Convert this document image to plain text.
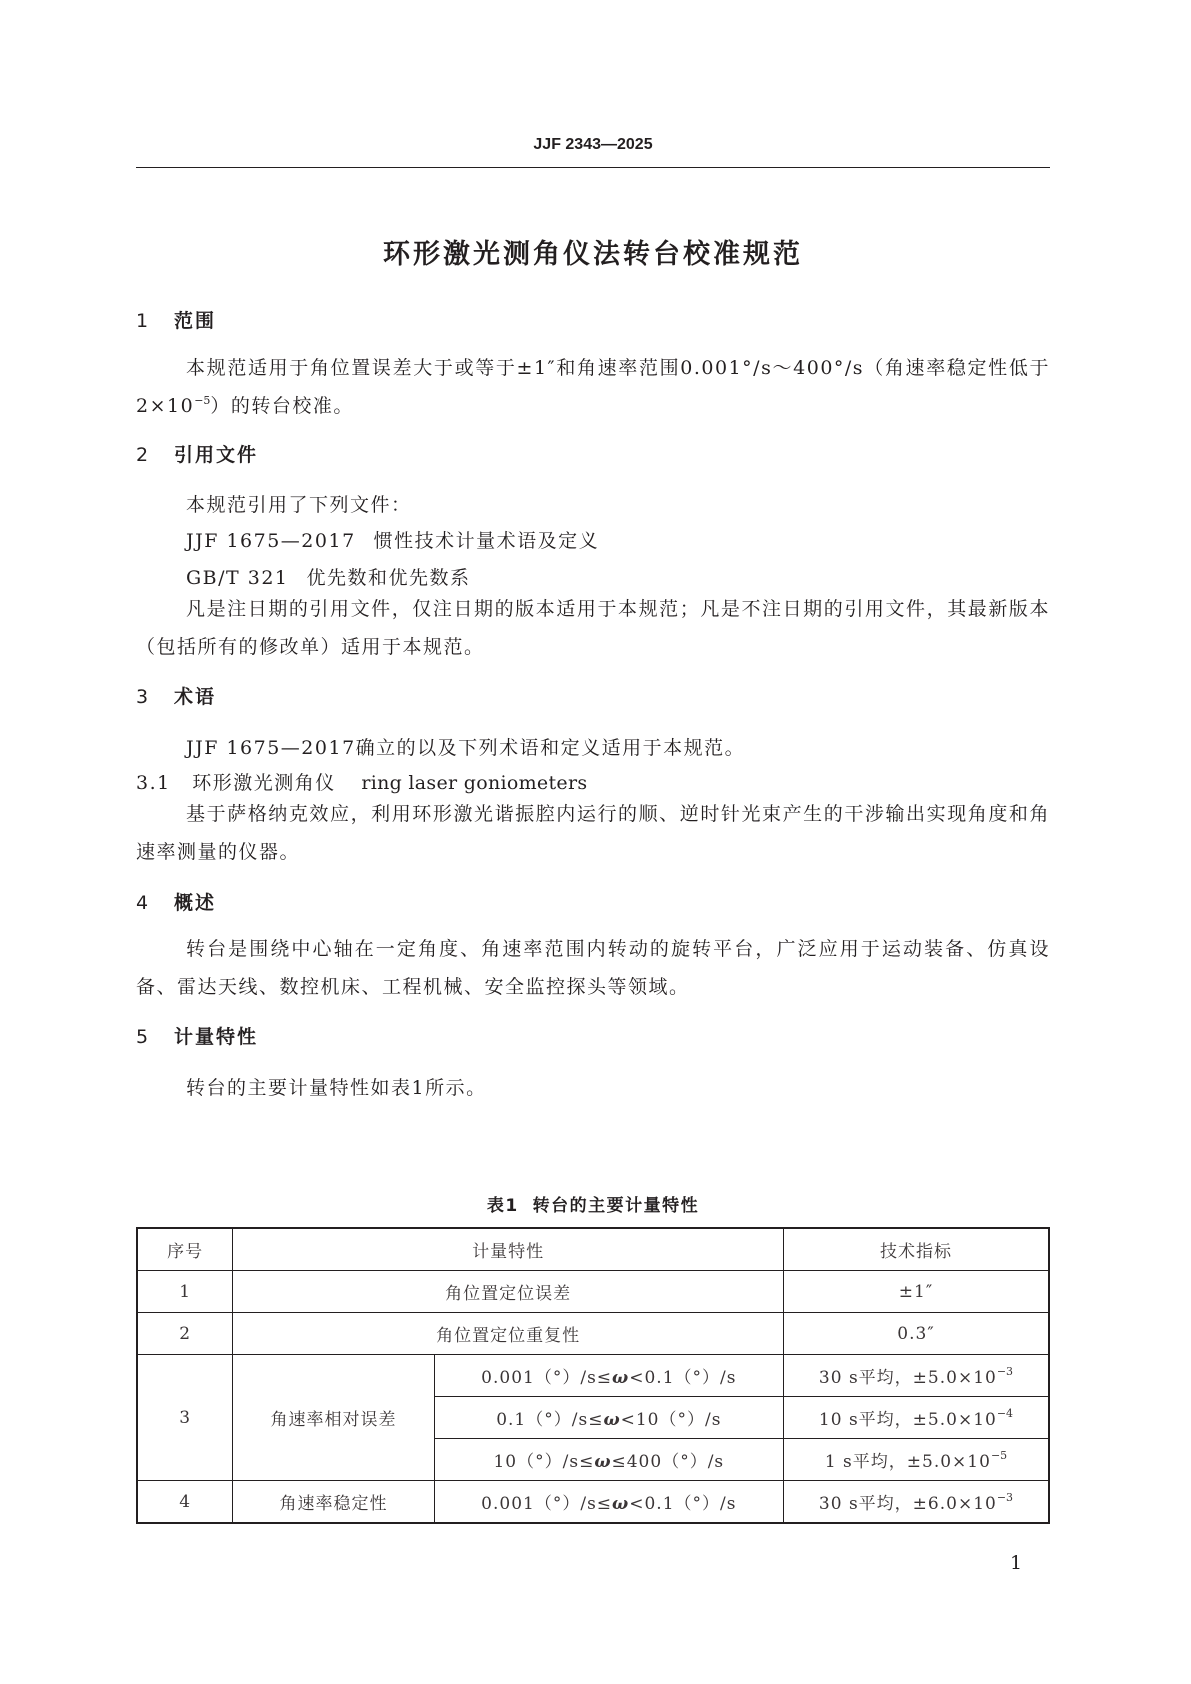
JJF 2343—2025
环形激光测角仪法转台校准规范
1 范围
本规范适用于角位置误差大于或等于±1″和角速率范围0.001°/s～400°/s（角速率稳定性低于$2\times 10^{-5}$）的转台校准。
2 引用文件
本规范引用了下列文件：
JJF 1675—2017 惯性技术计量术语及定义
GB/T 321 优先数和优先数系
凡是注日期的引用文件，仅注日期的版本适用于本规范；凡是不注日期的引用文件，其最新版本（包括所有的修改单）适用于本规范。
3 术语
JJF 1675—2017确立的以及下列术语和定义适用于本规范。
3.1 环形激光测角仪 ring laser goniometers
基于萨格纳克效应，利用环形激光谐振腔内运行的顺、逆时针光束产生的干涉输出实现角度和角速率测量的仪器。
4 概述
转台是围绕中心轴在一定角度、角速率范围内转动的旋转平台，广泛应用于运动装备、仿真设备、雷达天线、数控机床、工程机械、安全监控探头等领域。
5 计量特性
转台的主要计量特性如表1所示。
表1 转台的主要计量特性
序号	计量特性		技术指标
1	角位置定位误差		±1″
2	角位置定位重复性		0.3″
3	角速率相对误差	0.001（°）/s≤ω<0.1（°）/s	30 s平均，$\pm 5.0\times 10^{-3}$
		0.1（°）/s≤ω<10（°）/s	10 s平均，$\pm 5.0\times 10^{-4}$
		10（°）/s≤ω≤400（°）/s	1 s平均，$\pm 5.0\times 10^{-5}$
4	角速率稳定性	0.001（°）/s≤ω<0.1（°）/s	30 s平均，$\pm 6.0\times 10^{-3}$
1
